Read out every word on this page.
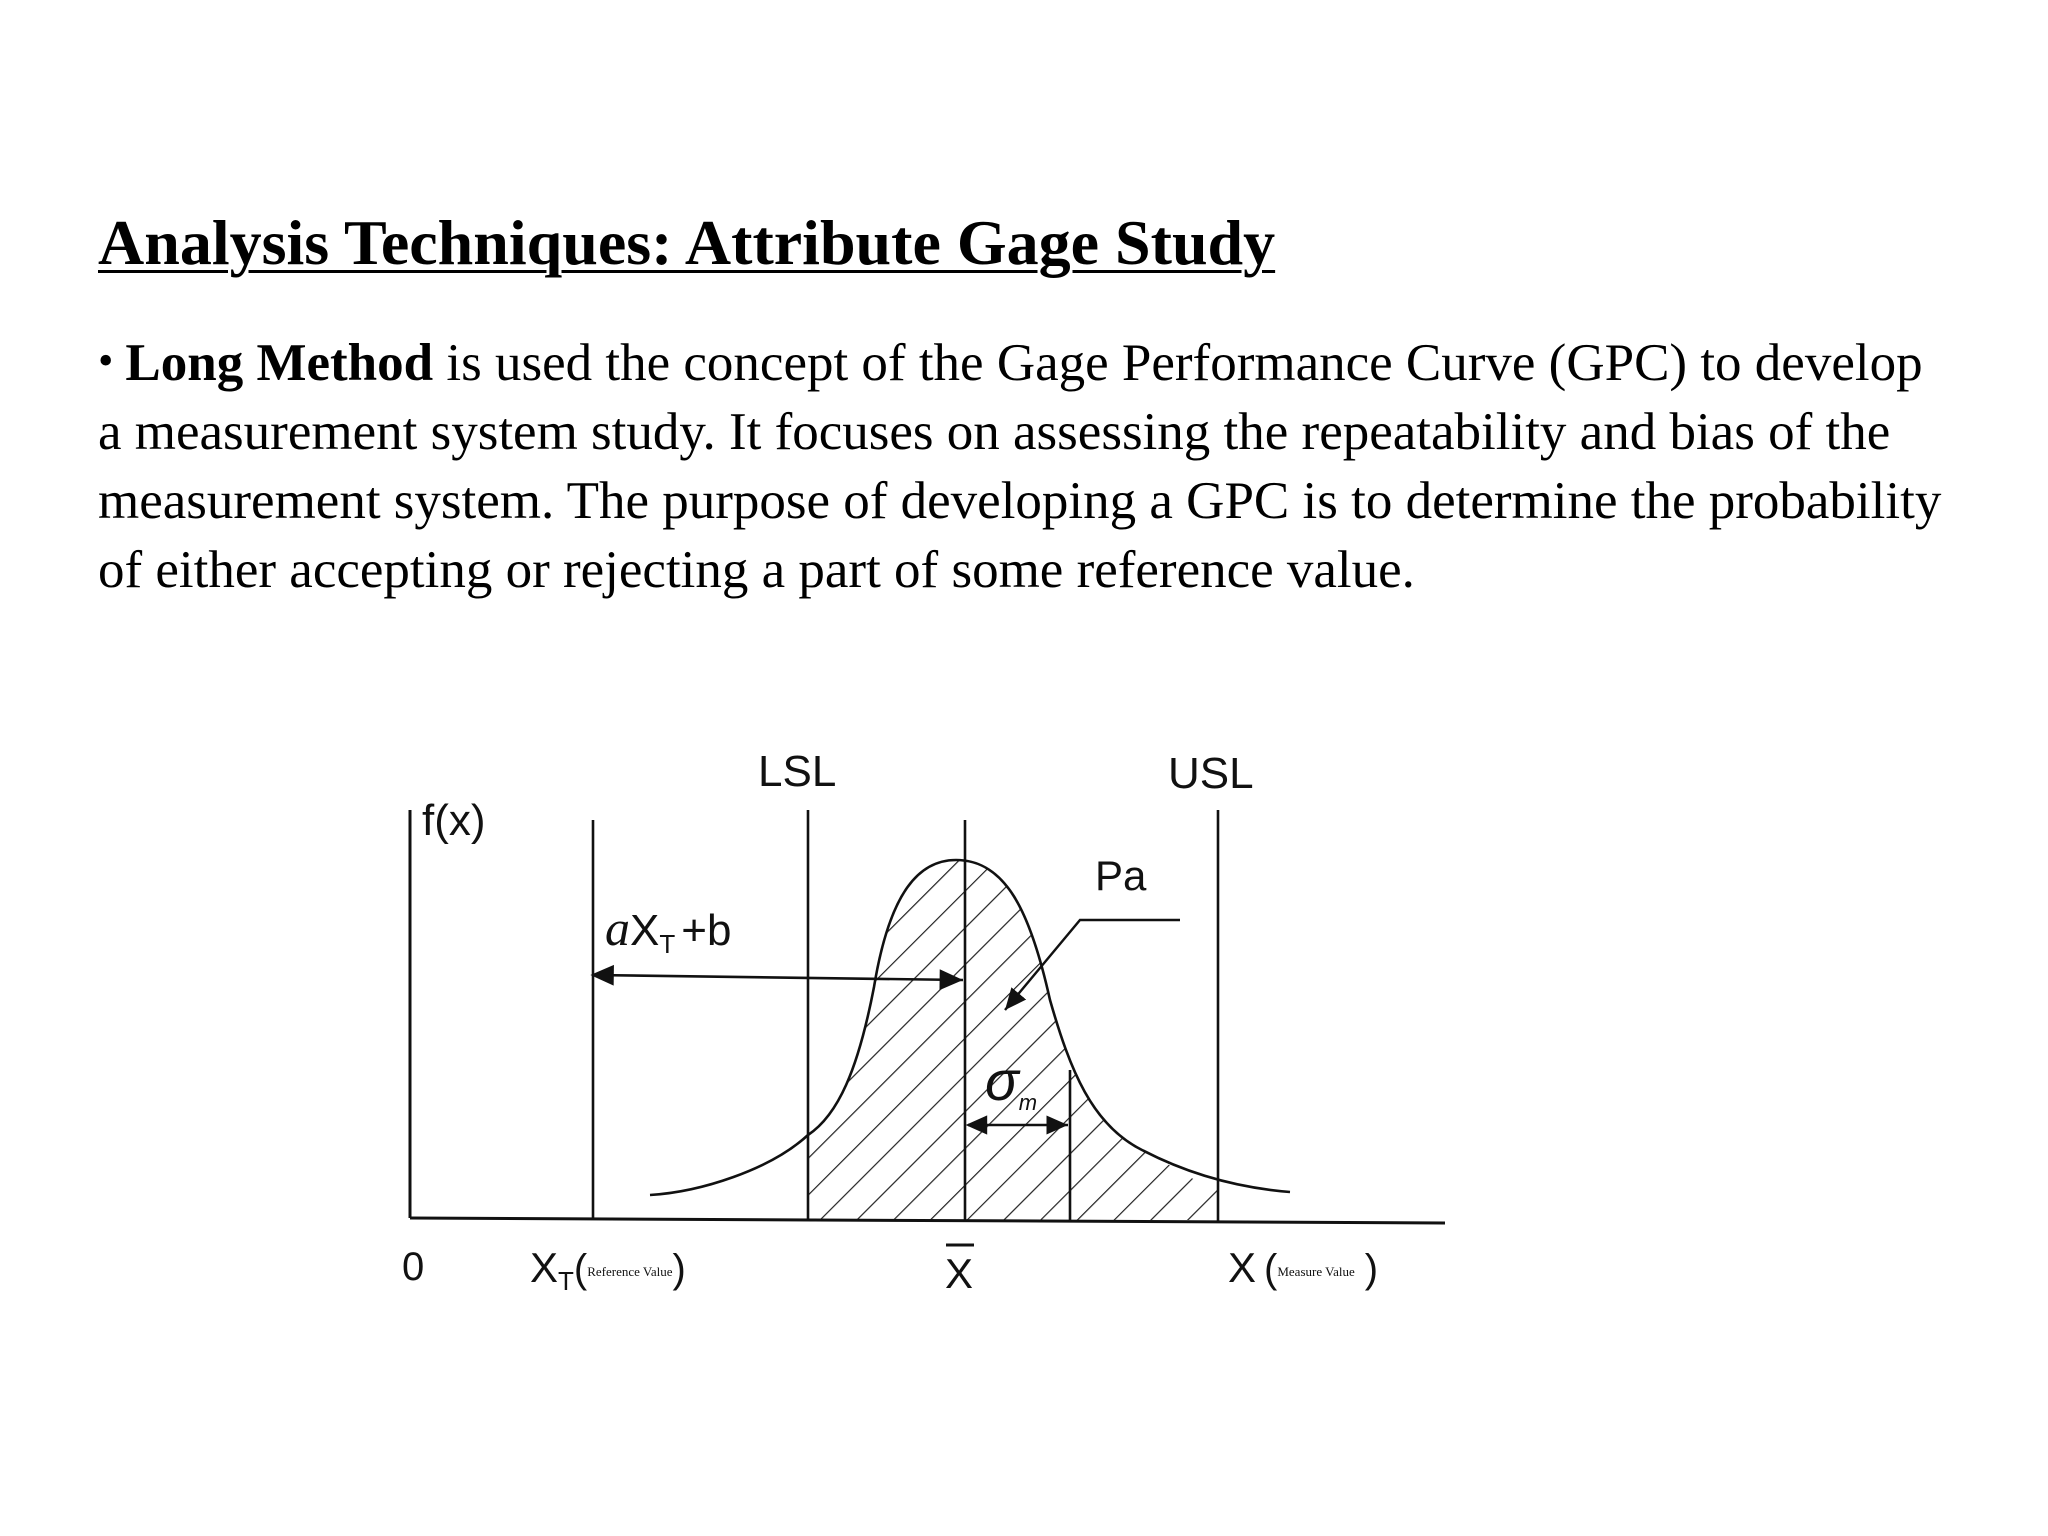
Analysis Techniques: Attribute Gage Study

• Long Method is used the concept of the Gage Performance Curve (GPC) to develop a measurement system study. It focuses on assessing the repeatability and bias of the measurement system. The purpose of developing a GPC is to determine the probability of either accepting or rejecting a part of some reference value.

f(x)
LSL	USL
Pa
aXT +b
σm
0	XT(Reference Value)	X	X (Measure Value )
